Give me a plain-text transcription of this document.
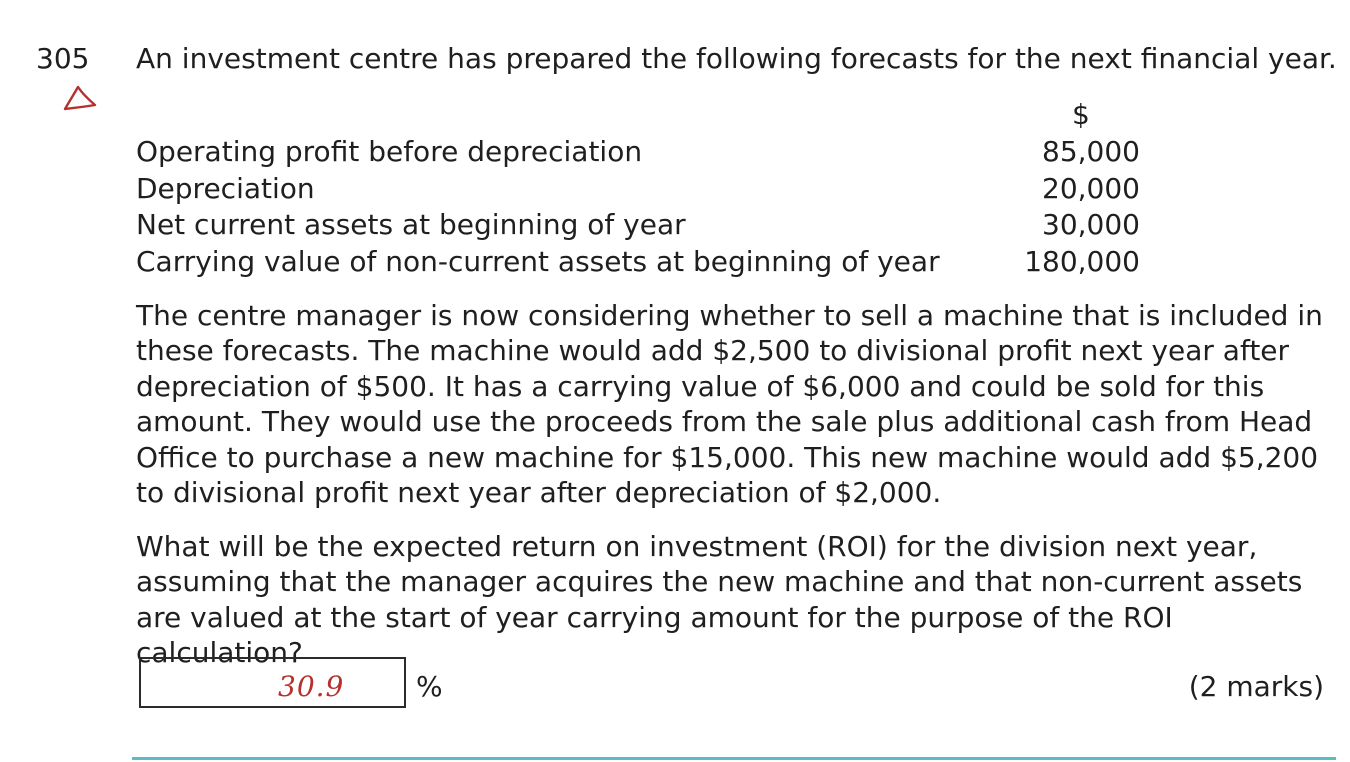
305 An investment centre has prepared the following forecasts for the next financial year.
$
Operating profit before depreciation	85,000
Depreciation	20,000
Net current assets at beginning of year	30,000
Carrying value of non-current assets at beginning of year	180,000

The centre manager is now considering whether to sell a machine that is included in these forecasts. The machine would add $2,500 to divisional profit next year after depreciation of $500. It has a carrying value of $6,000 and could be sold for this amount. They would use the proceeds from the sale plus additional cash from Head Office to purchase a new machine for $15,000. This new machine would add $5,200 to divisional profit next year after depreciation of $2,000.

What will be the expected return on investment (ROI) for the division next year, assuming that the manager acquires the new machine and that non-current assets are valued at the start of year carrying amount for the purpose of the ROI calculation?

30.9	%	(2 marks)
